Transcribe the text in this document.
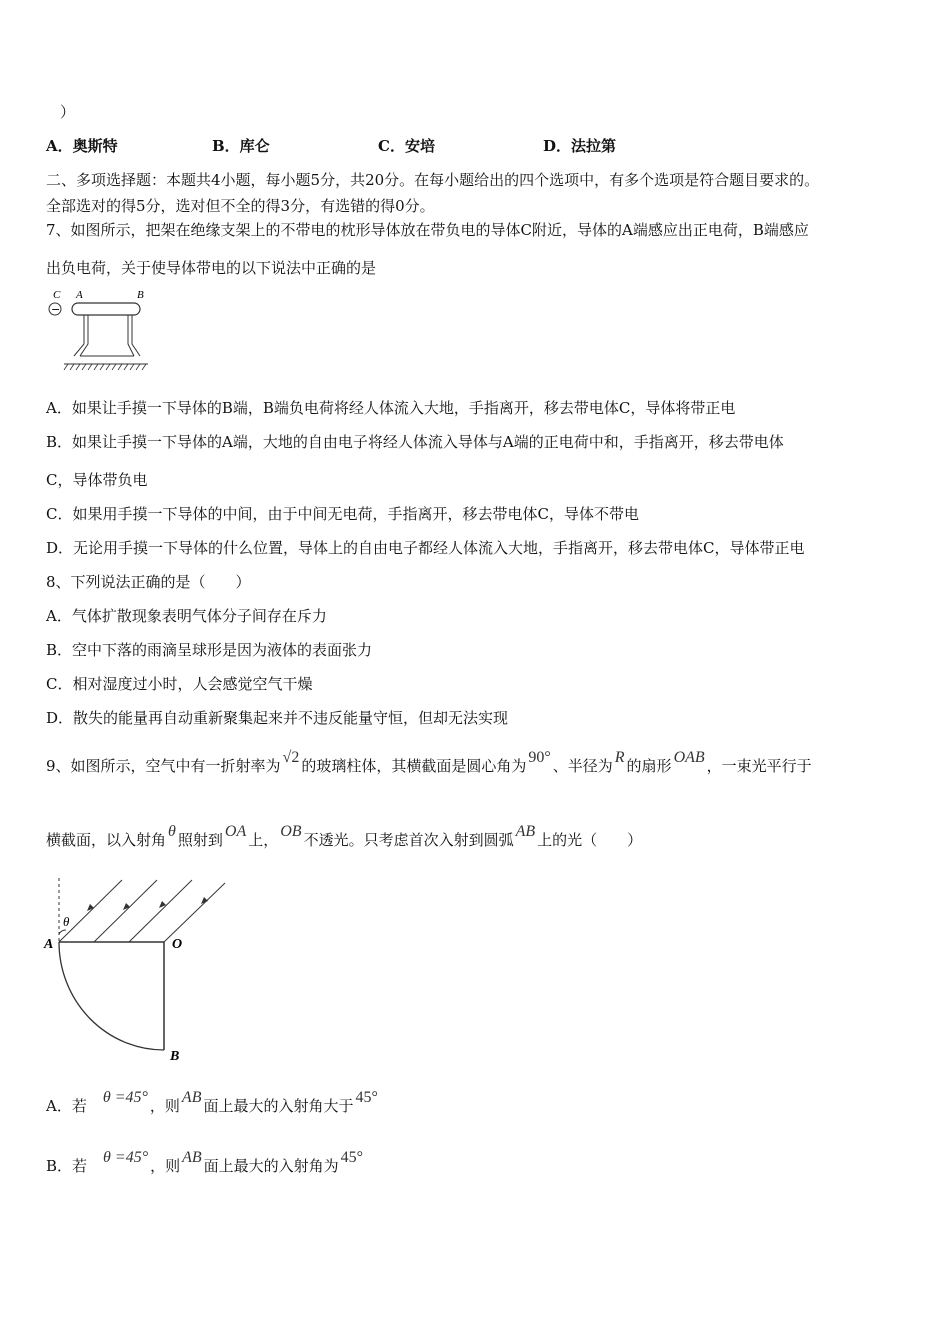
）
A．奥斯特	B．库仑	C．安培	D．法拉第
二、多项选择题：本题共4小题，每小题5分，共20分。在每小题给出的四个选项中，有多个选项是符合题目要求的。
全部选对的得5分，选对但不全的得3分，有选错的得0分。
7、如图所示，把架在绝缘支架上的不带电的枕形导体放在带负电的导体C附近，导体的A端感应出正电荷，B端感应
出负电荷，关于使导体带电的以下说法中正确的是
C A	B
−
A．如果让手摸一下导体的B端，B端负电荷将经人体流入大地，手指离开，移去带电体C，导体将带正电
B．如果让手摸一下导体的A端，大地的自由电子将经人体流入导体与A端的正电荷中和，手指离开，移去带电体
C，导体带负电
C．如果用手摸一下导体的中间，由于中间无电荷，手指离开，移去带电体C，导体不带电
D．无论用手摸一下导体的什么位置，导体上的自由电子都经人体流入大地，手指离开，移去带电体C，导体带正电
8、下列说法正确的是（　　）
A．气体扩散现象表明气体分子间存在斥力
B．空中下落的雨滴呈球形是因为液体的表面张力
C．相对湿度过小时，人会感觉空气干燥
D．散失的能量再自动重新聚集起来并不违反能量守恒，但却无法实现
9、如图所示，空气中有一折射率为 √2 的玻璃柱体，其横截面是圆心角为 90° 、半径为 R 的扇形 OAB ，一束光平行于
横截面，以入射角 θ 照射到 OA 上， OB 不透光。只考虑首次入射到圆弧 AB 上的光（　　）
θ
A	O
B
A．若 θ =45° ，则 AB 面上最大的入射角大于 45°
B．若 θ =45° ，则 AB 面上最大的入射角为 45°
